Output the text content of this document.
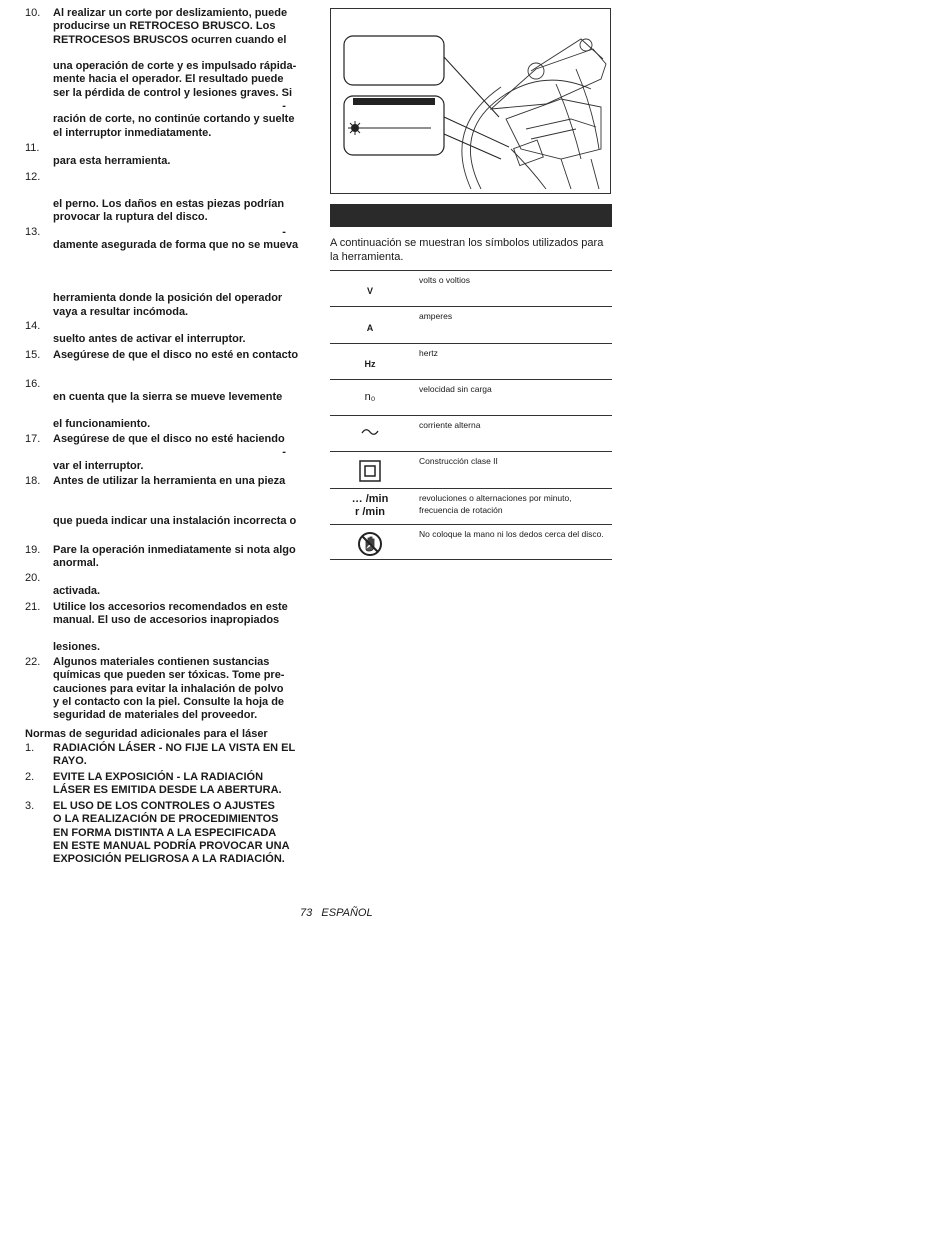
10. Al realizar un corte por deslizamiento, puede
producirse un RETROCESO BRUSCO. Los
RETROCESOS BRUSCOS ocurren cuando el
una operación de corte y es impulsado rápida-
mente hacia el operador. El resultado puede
ser la pérdida de control y lesiones graves. Si
-
ración de corte, no continúe cortando y suelte
el interruptor inmediatamente.
11.
para esta herramienta.
12.
el perno. Los daños en estas piezas podrían
provocar la ruptura del disco.
13. -
damente asegurada de forma que no se mueva
herramienta donde la posición del operador
vaya a resultar incómoda.
14.
suelto antes de activar el interruptor.
15. Asegúrese de que el disco no esté en contacto
16.
en cuenta que la sierra se mueve levemente
el funcionamiento.
17. Asegúrese de que el disco no esté haciendo
-
var el interruptor.
18. Antes de utilizar la herramienta en una pieza
que pueda indicar una instalación incorrecta o
19. Pare la operación inmediatamente si nota algo
anormal.
20.
activada.
21. Utilice los accesorios recomendados en este
manual. El uso de accesorios inapropiados
lesiones.
22. Algunos materiales contienen sustancias
químicas que pueden ser tóxicas. Tome pre-
cauciones para evitar la inhalación de polvo
y el contacto con la piel. Consulte la hoja de
seguridad de materiales del proveedor.
Normas de seguridad adicionales para el láser
1. RADIACIÓN LÁSER - NO FIJE LA VISTA EN EL
RAYO.
2. EVITE LA EXPOSICIÓN - LA RADIACIÓN
LÁSER ES EMITIDA DESDE LA ABERTURA.
3. EL USO DE LOS CONTROLES O AJUSTES
O LA REALIZACIÓN DE PROCEDIMIENTOS
EN FORMA DISTINTA A LA ESPECIFICADA
EN ESTE MANUAL PODRÍA PROVOCAR UNA
EXPOSICIÓN PELIGROSA A LA RADIACIÓN.
A continuación se muestran los símbolos utilizados para la herramienta.
V
volts o voltios
A
amperes
Hz
hertz
n₀
velocidad sin carga
corriente alterna
Construcción clase II
… /min
r /min
revoluciones o alternaciones por minuto, frecuencia de rotación
No coloque la mano ni los dedos cerca del disco.
73 ESPAÑOL
